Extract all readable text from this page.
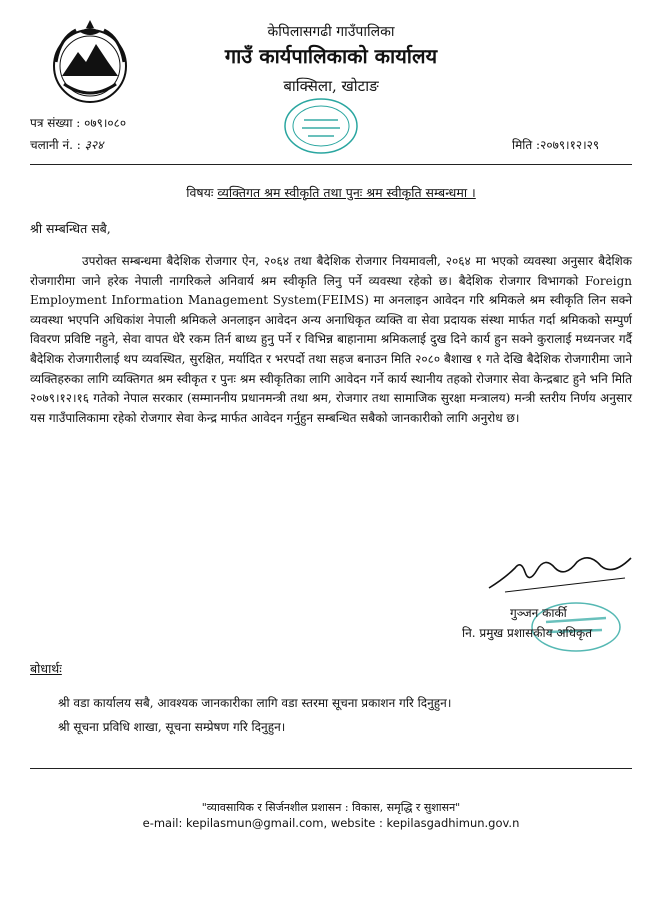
केपिलासगढी गाउँपालिका
गाउँ कार्यपालिकाको कार्यालय
बाक्सिला, खोटाङ
पत्र संख्या : ०७९।०८०
चलानी नं. : ३२४	मिति :२०७९।१२।२९
विषयः व्यक्तिगत श्रम स्वीकृति तथा पुनः श्रम स्वीकृति सम्बन्धमा ।
श्री सम्बन्धित सबै,
उपरोक्त सम्बन्धमा बैदेशिक रोजगार ऐन, २०६४ तथा बैदेशिक रोजगार नियमावली, २०६४ मा भएको व्यवस्था अनुसार बैदेशिक रोजगारीमा जाने हरेक नेपाली नागरिकले अनिवार्य श्रम स्वीकृति लिनु पर्ने व्यवस्था रहेको छ। बैदेशिक रोजगार विभागको Foreign Employment Information Management System(FEIMS) मा अनलाइन आवेदन गरि श्रमिकले श्रम स्वीकृति लिन सक्ने व्यवस्था भएपनि अधिकांश नेपाली श्रमिकले अनलाइन आवेदन अन्य अनाधिकृत व्यक्ति वा सेवा प्रदायक संस्था मार्फत गर्दा श्रमिकको सम्पुर्ण विवरण प्रविष्टि नहुने, सेवा वापत धेरै रकम तिर्न बाध्य हुनु पर्ने र विभिन्न बाहानामा श्रमिकलाई दुख दिने कार्य हुन सक्ने कुरालाई मध्यनजर गर्दै बैदेशिक रोजगारीलाई थप व्यवस्थित, सुरक्षित, मर्यादित र भरपर्दो तथा सहज बनाउन मिति २०८० बैशाख १ गते देखि बैदेशिक रोजगारीमा जाने व्यक्तिहरुका लागि व्यक्तिगत श्रम स्वीकृत र पुनः श्रम स्वीकृतिका लागि आवेदन गर्ने कार्य स्थानीय तहको रोजगार सेवा केन्द्रबाट हुने भनि मिति २०७९।१२।१६ गतेको नेपाल सरकार (सम्माननीय प्रधानमन्त्री तथा श्रम, रोजगार तथा सामाजिक सुरक्षा मन्त्रालय) मन्त्री स्तरीय निर्णय अनुसार यस गाउँपालिकामा रहेको रोजगार सेवा केन्द्र मार्फत आवेदन गर्नुहुन सम्बन्धित सबैको जानकारीको लागि अनुरोध छ।
गुञ्जन कार्की
नि. प्रमुख प्रशासकीय अधिकृत
बोधार्थः
श्री वडा कार्यालय सबै, आवश्यक जानकारीका लागि वडा स्तरमा सूचना प्रकाशन गरि दिनुहुन।
श्री सूचना प्रविधि शाखा, सूचना सम्प्रेषण गरि दिनुहुन।
"व्यावसायिक र सिर्जनशील प्रशासन : विकास, समृद्धि र सुशासन"
e-mail: kepilasmun@gmail.com, website : kepilasgadhimun.gov.n
